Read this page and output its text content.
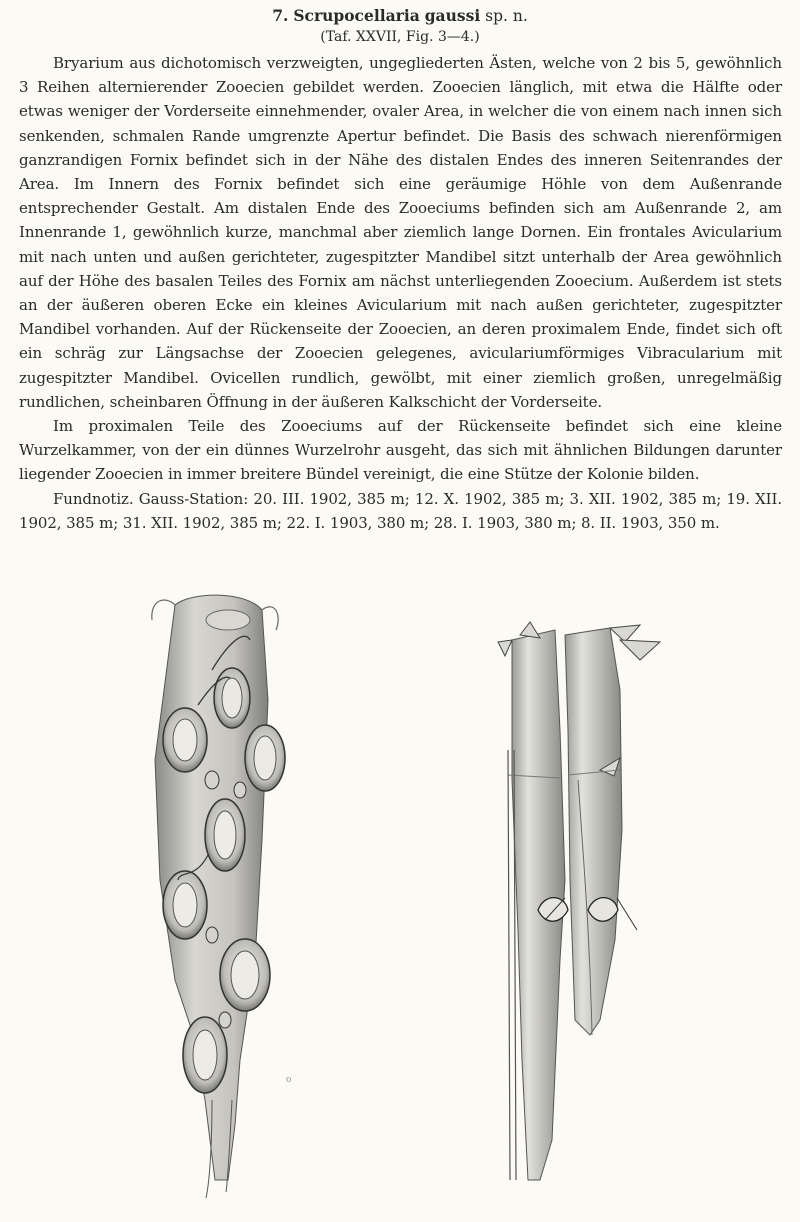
7. Scrupocellaria gaussi sp. n.
(Taf. XXVII, Fig. 3—4.)

Bryarium aus dichotomisch verzweigten, ungegliederten Ästen, welche von 2 bis 5, gewöhnlich 3 Reihen alternierender Zooecien gebildet werden. Zooecien länglich, mit etwa die Hälfte oder etwas weniger der Vorderseite einnehmender, ovaler Area, in welcher die von einem nach innen sich senkenden, schmalen Rande umgrenzte Apertur befindet. Die Basis des schwach nierenförmigen ganzrandigen Fornix befindet sich in der Nähe des distalen Endes des inneren Seitenrandes der Area. Im Innern des Fornix befindet sich eine geräumige Höhle von dem Außenrande entsprechender Gestalt. Am distalen Ende des Zooeciums befinden sich am Außenrande 2, am Innenrande 1, gewöhnlich kurze, manchmal aber ziemlich lange Dornen. Ein frontales Avicularium mit nach unten und außen gerichteter, zugespitzter Mandibel sitzt unterhalb der Area gewöhnlich auf der Höhe des basalen Teiles des Fornix am nächst unterliegenden Zooecium. Außerdem ist stets an der äußeren oberen Ecke ein kleines Avicularium mit nach außen gerichteter, zugespitzter Mandibel vorhanden. Auf der Rückenseite der Zooecien, an deren proximalem Ende, findet sich oft ein schräg zur Längsachse der Zooecien gelegenes, aviculariumförmiges Vibracularium mit zugespitzter Mandibel. Ovicellen rundlich, gewölbt, mit einer ziemlich großen, unregelmäßig rundlichen, scheinbaren Öffnung in der äußeren Kalkschicht der Vorderseite.

Im proximalen Teile des Zooeciums auf der Rückenseite befindet sich eine kleine Wurzelkammer, von der ein dünnes Wurzelrohr ausgeht, das sich mit ähnlichen Bildungen darunter liegender Zooecien in immer breitere Bündel vereinigt, die eine Stütze der Kolonie bilden.

Fundnotiz. Gauss-Station: 20. III. 1902, 385 m; 12. X. 1902, 385 m; 3. XII. 1902, 385 m; 19. XII. 1902, 385 m; 31. XII. 1902, 385 m; 22. I. 1903, 380 m; 28. I. 1903, 380 m; 8. II. 1903, 350 m.

o
